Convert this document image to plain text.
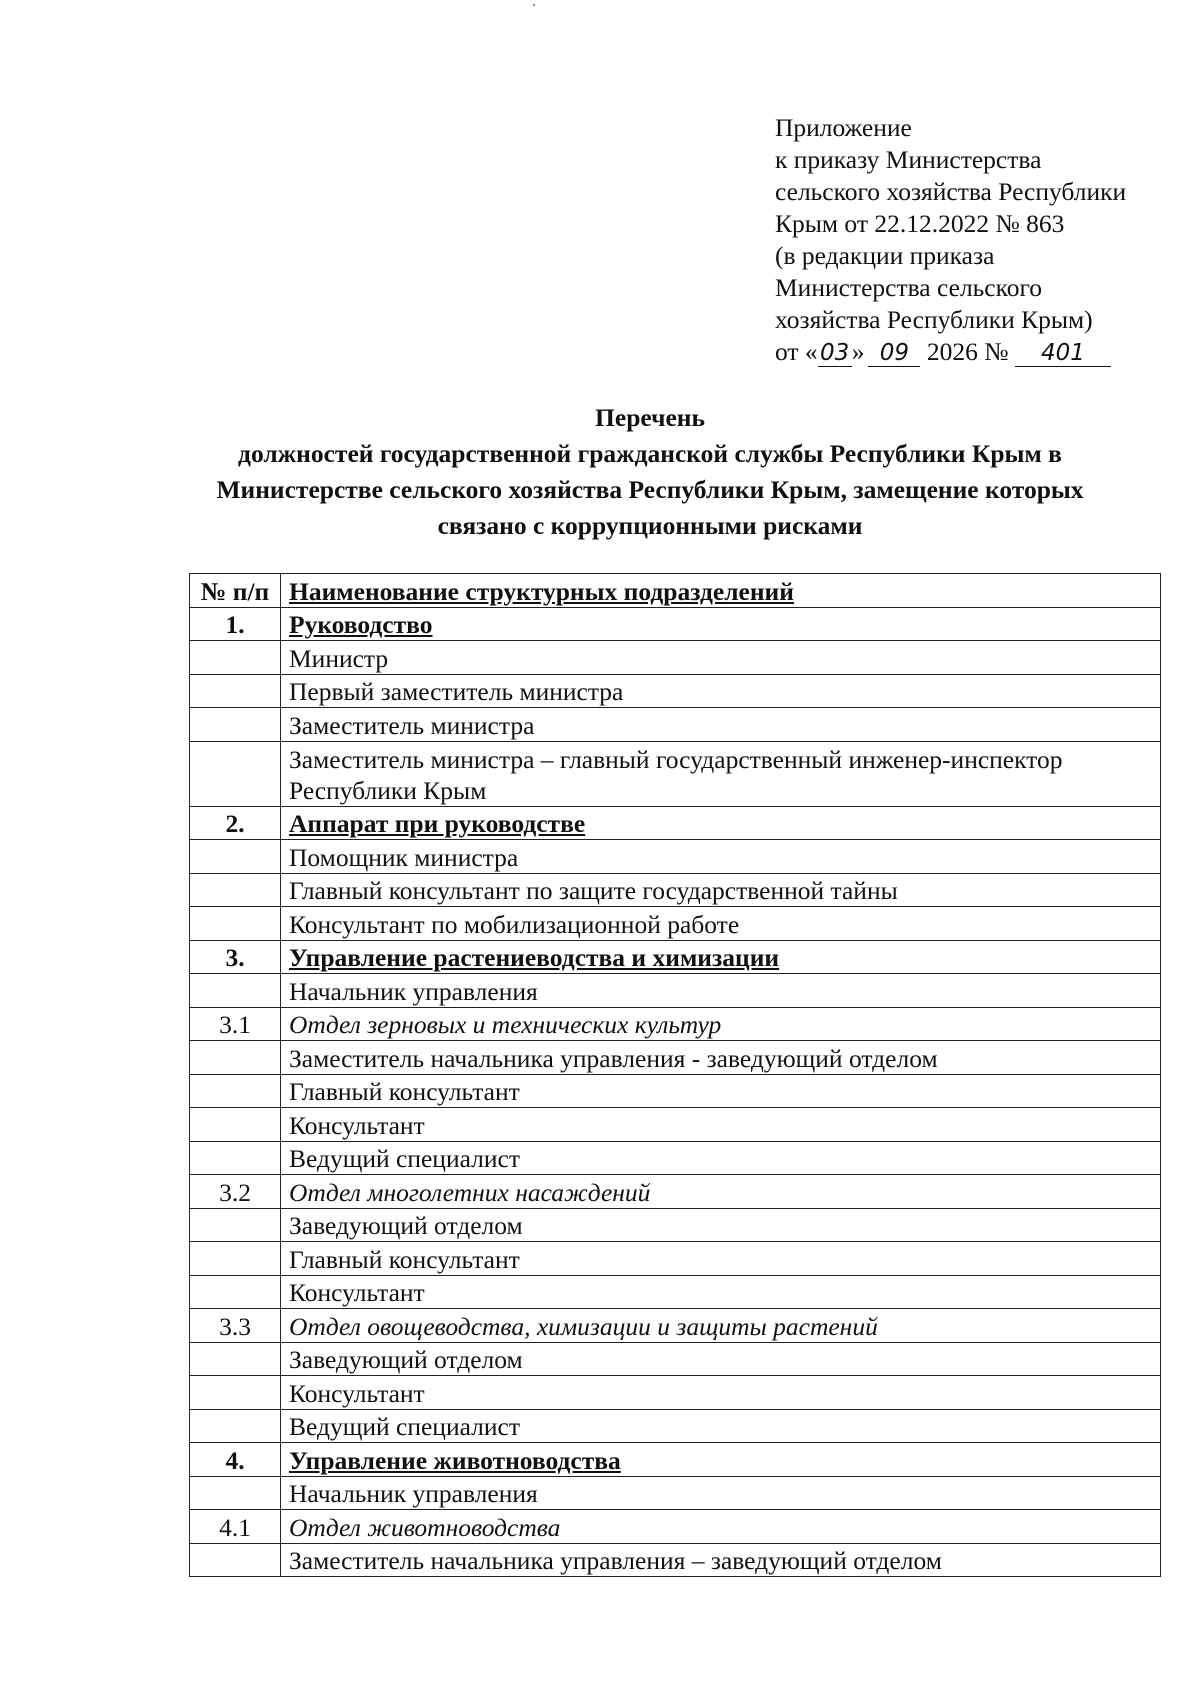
Приложение
к приказу Министерства
сельского хозяйства Республики
Крым от 22.12.2022 № 863
(в редакции приказа
Министерства сельского
хозяйства Республики Крым)
от « 03» 09 2026 № 401
Перечень
должностей государственной гражданской службы Республики Крым в
Министерстве сельского хозяйства Республики Крым, замещение которых
связано с коррупционными рисками
№ п/п	Наименование структурных подразделений
1.	Руководство
	Министр
	Первый заместитель министра
	Заместитель министра
	Заместитель министра – главный государственный инженер-инспектор Республики Крым
2.	Аппарат при руководстве
	Помощник министра
	Главный консультант по защите государственной тайны
	Консультант по мобилизационной работе
3.	Управление растениеводства и химизации
	Начальник управления
3.1	Отдел зерновых и технических культур
	Заместитель начальника управления - заведующий отделом
	Главный консультант
	Консультант
	Ведущий специалист
3.2	Отдел многолетних насаждений
	Заведующий отделом
	Главный консультант
	Консультант
3.3	Отдел овощеводства, химизации и защиты растений
	Заведующий отделом
	Консультант
	Ведущий специалист
4.	Управление животноводства
	Начальник управления
4.1	Отдел животноводства
	Заместитель начальника управления – заведующий отделом
